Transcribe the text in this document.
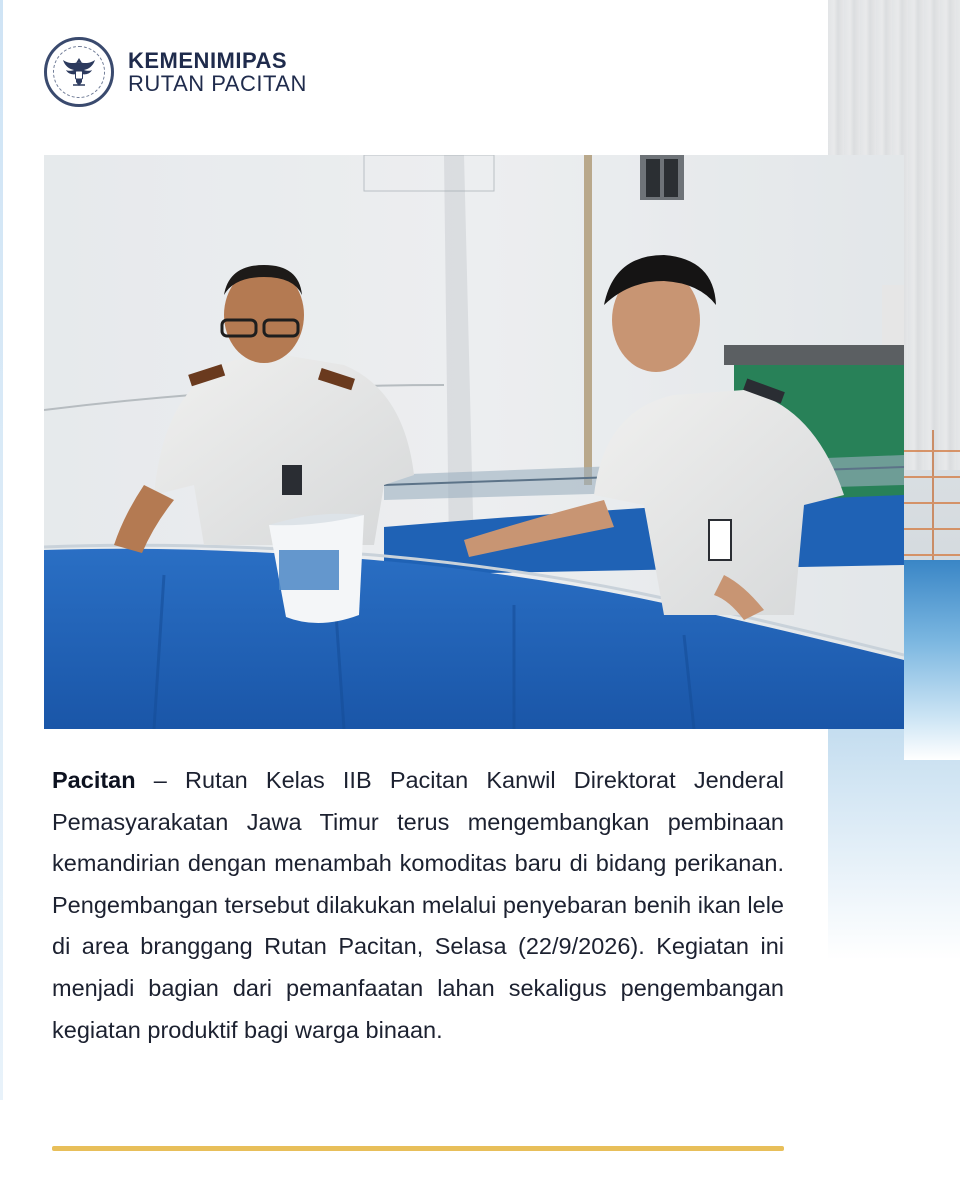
KEMENIMIPAS
RUTAN PACITAN
Pacitan – Rutan Kelas IIB Pacitan Kanwil Direktorat Jenderal Pemasyarakatan Jawa Timur terus mengembangkan pembinaan kemandirian dengan menambah komoditas baru di bidang perikanan. Pengembangan tersebut dilakukan melalui penyebaran benih ikan lele di area branggang Rutan Pacitan, Selasa (22/9/2026). Kegiatan ini menjadi bagian dari pemanfaatan lahan sekaligus pengembangan kegiatan produktif bagi warga binaan.
